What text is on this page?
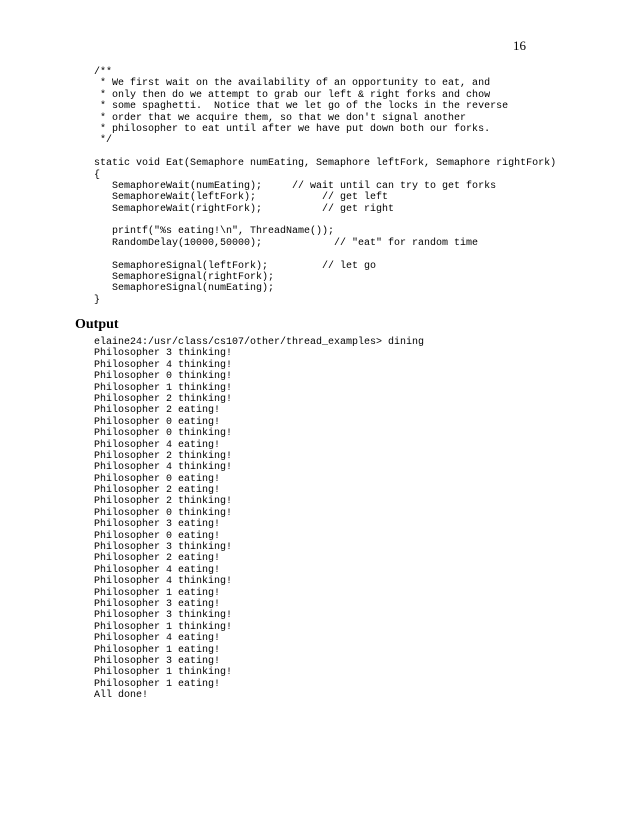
16
/**
* We first wait on the availability of an opportunity to eat, and
* only then do we attempt to grab our left & right forks and chow
* some spaghetti.  Notice that we let go of the locks in the reverse
* order that we acquire them, so that we don't signal another
* philosopher to eat until after we have put down both our forks.
*/
static void Eat(Semaphore numEating, Semaphore leftFork, Semaphore rightFork)
{
SemaphoreWait(numEating);     // wait until can try to get forks
SemaphoreWait(leftFork);           // get left
SemaphoreWait(rightFork);          // get right
printf("%s eating!\n", ThreadName());
RandomDelay(10000,50000);            // "eat" for random time
SemaphoreSignal(leftFork);         // let go
SemaphoreSignal(rightFork);
SemaphoreSignal(numEating);
}
Output
elaine24:/usr/class/cs107/other/thread_examples> dining
Philosopher 3 thinking!
Philosopher 4 thinking!
Philosopher 0 thinking!
Philosopher 1 thinking!
Philosopher 2 thinking!
Philosopher 2 eating!
Philosopher 0 eating!
Philosopher 0 thinking!
Philosopher 4 eating!
Philosopher 2 thinking!
Philosopher 4 thinking!
Philosopher 0 eating!
Philosopher 2 eating!
Philosopher 2 thinking!
Philosopher 0 thinking!
Philosopher 3 eating!
Philosopher 0 eating!
Philosopher 3 thinking!
Philosopher 2 eating!
Philosopher 4 eating!
Philosopher 4 thinking!
Philosopher 1 eating!
Philosopher 3 eating!
Philosopher 3 thinking!
Philosopher 1 thinking!
Philosopher 4 eating!
Philosopher 1 eating!
Philosopher 3 eating!
Philosopher 1 thinking!
Philosopher 1 eating!
All done!
